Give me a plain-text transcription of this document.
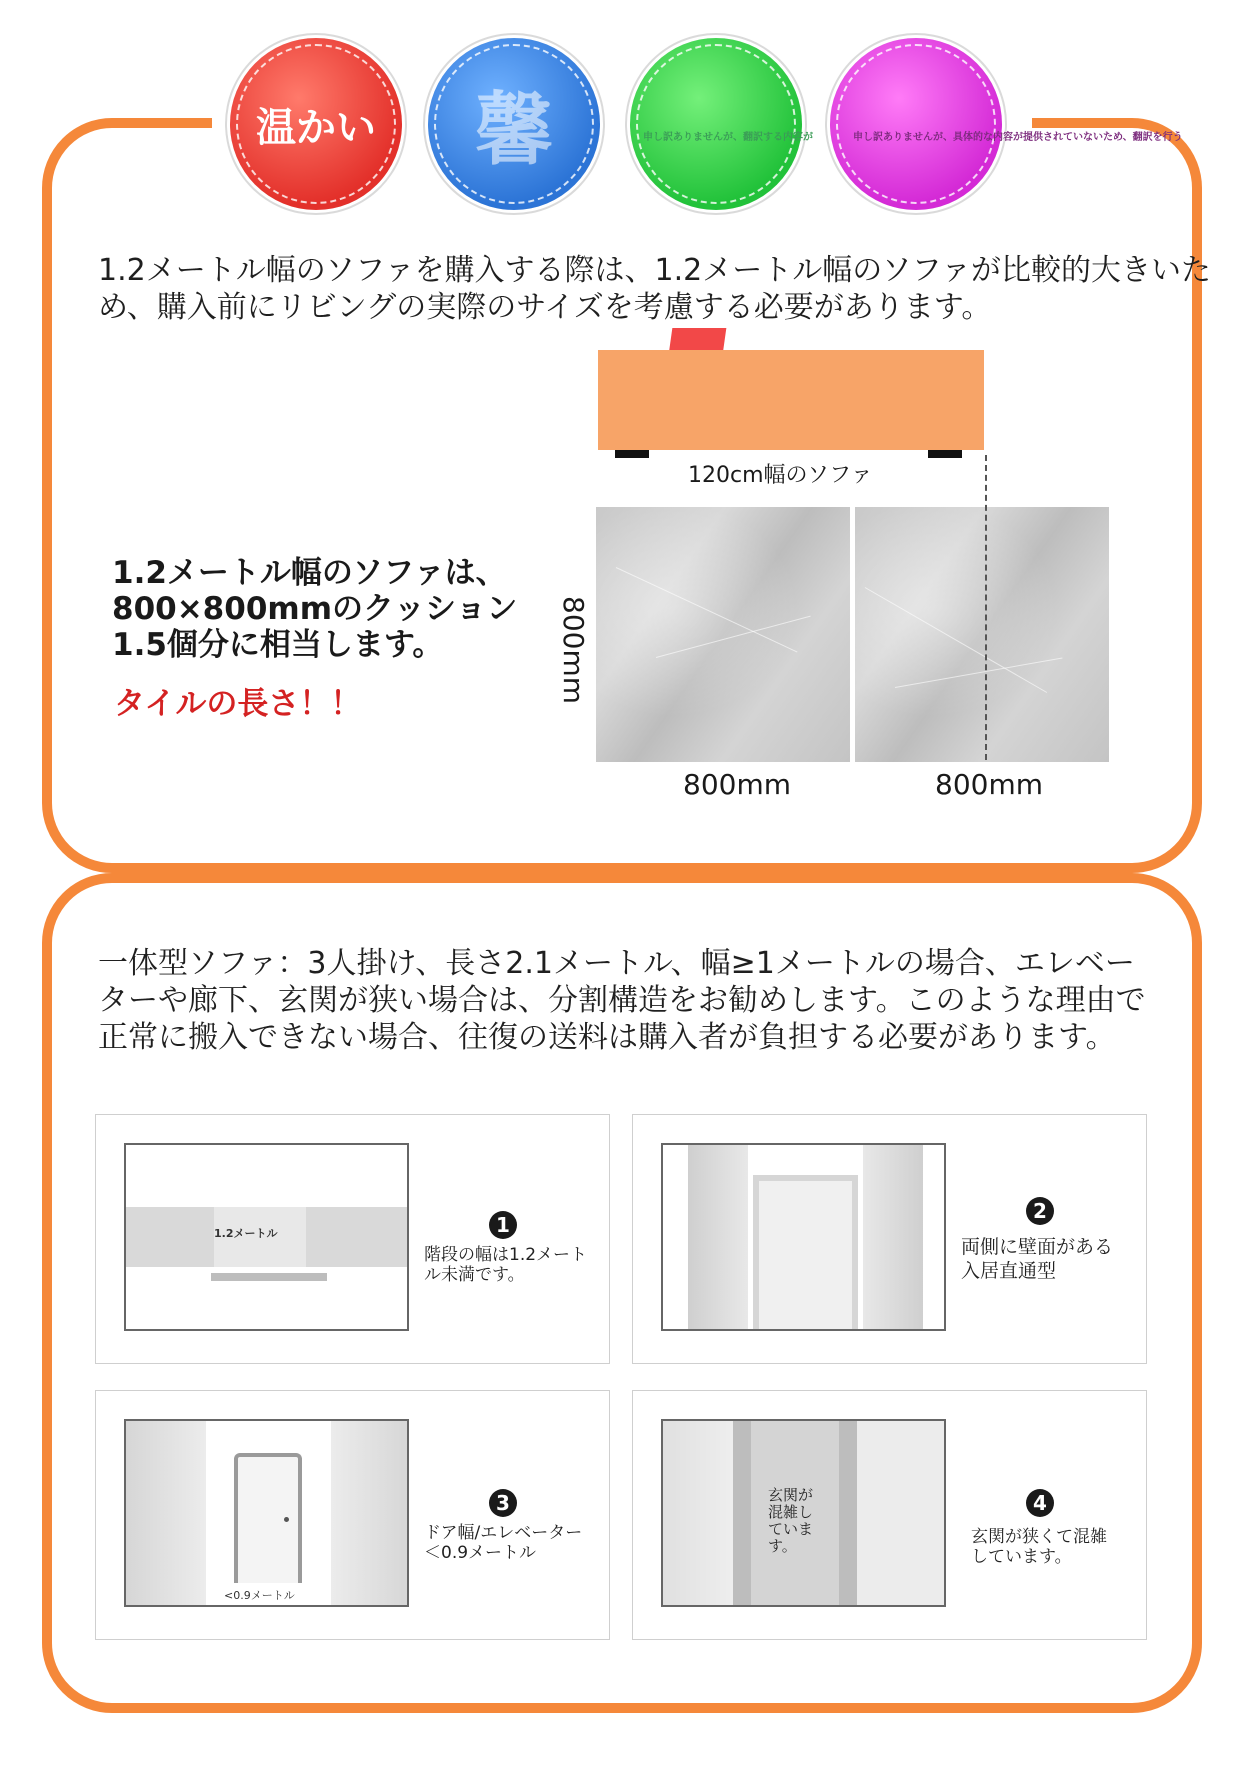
温かい	馨	申し訳ありませんが、翻訳する内容が	申し訳ありませんが、具体的な内容が提供されていないため、翻訳を行う
1.2メートル幅のソファを購入する際は、1.2メートル幅のソファが比較的大きいため、購入前にリビングの実際のサイズを考慮する必要があります。
120cm幅のソファ
800mm
800mm	800mm
1.2メートル幅のソファは、800×800mmのクッション1.5個分に相当します。
タイルの長さ！！
一体型ソファ：3人掛け、長さ2.1メートル、幅≥1メートルの場合、エレベーターや廊下、玄関が狭い場合は、分割構造をお勧めします。このような理由で正常に搬入できない場合、往復の送料は購入者が負担する必要があります。
1.2メートル	1
階段の幅は1.2メートル未満です。
2
両側に壁面がある入居直通型
<0.9メートル
3
ドア幅/エレベーター＜0.9メートル
玄関が混雑しています。
4
玄関が狭くて混雑しています。
